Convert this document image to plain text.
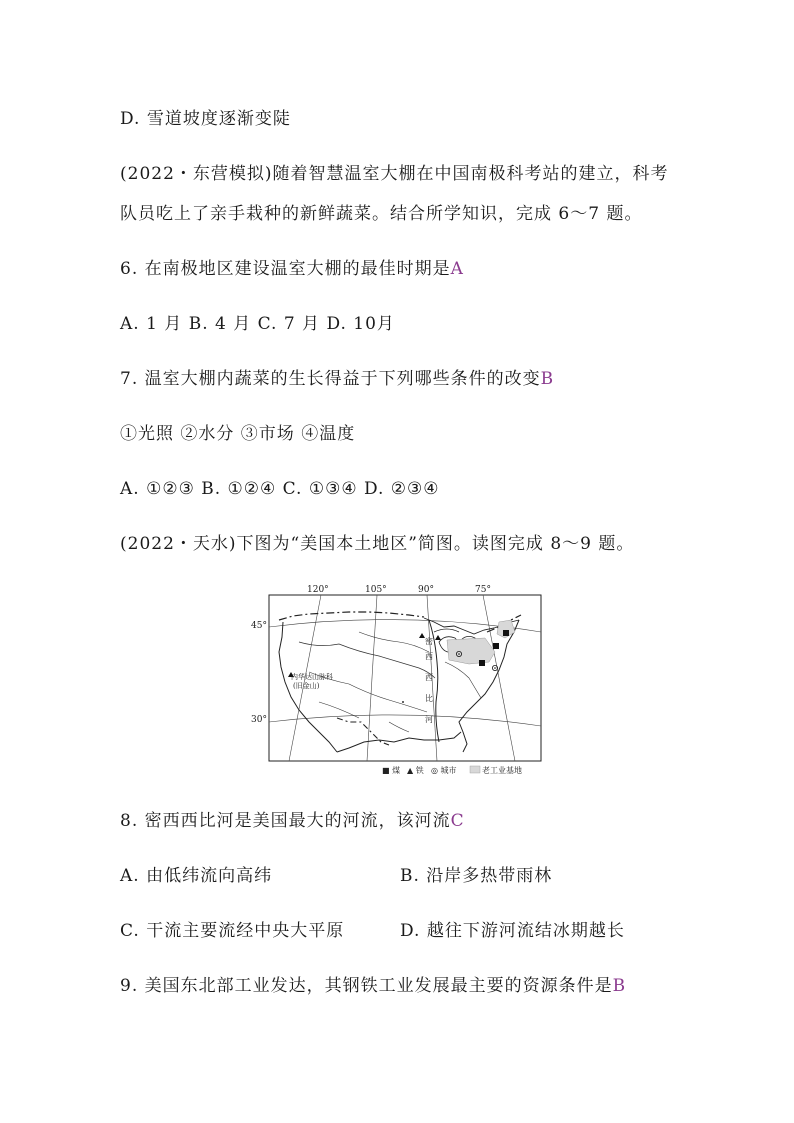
D. 雪道坡度逐渐变陡
(2022・东营模拟)随着智慧温室大棚在中国南极科考站的建立，科考
队员吃上了亲手栽种的新鲜蔬菜。结合所学知识，完成 6～7 题。
6. 在南极地区建设温室大棚的最佳时期是A
A. 1 月 B. 4 月 C. 7 月 D. 10月
7. 温室大棚内蔬菜的生长得益于下列哪些条件的改变B
①光照 ②水分 ③市场 ④温度
A. ①②③ B. ①②④ C. ①③④ D. ②③④
(2022・天水)下图为“美国本土地区”简图。读图完成 8～9 题。
120°	105°	90°	75°
45°
30°
内华达山脉科
(旧金山)
密
西
西
比
河
■ 煤 ▲ 铁 ◎ 城市	老工业基地
8. 密西西比河是美国最大的河流，该河流C
A. 由低纬流向高纬	B. 沿岸多热带雨林
C. 干流主要流经中央大平原	D. 越往下游河流结冰期越长
9. 美国东北部工业发达，其钢铁工业发展最主要的资源条件是B
